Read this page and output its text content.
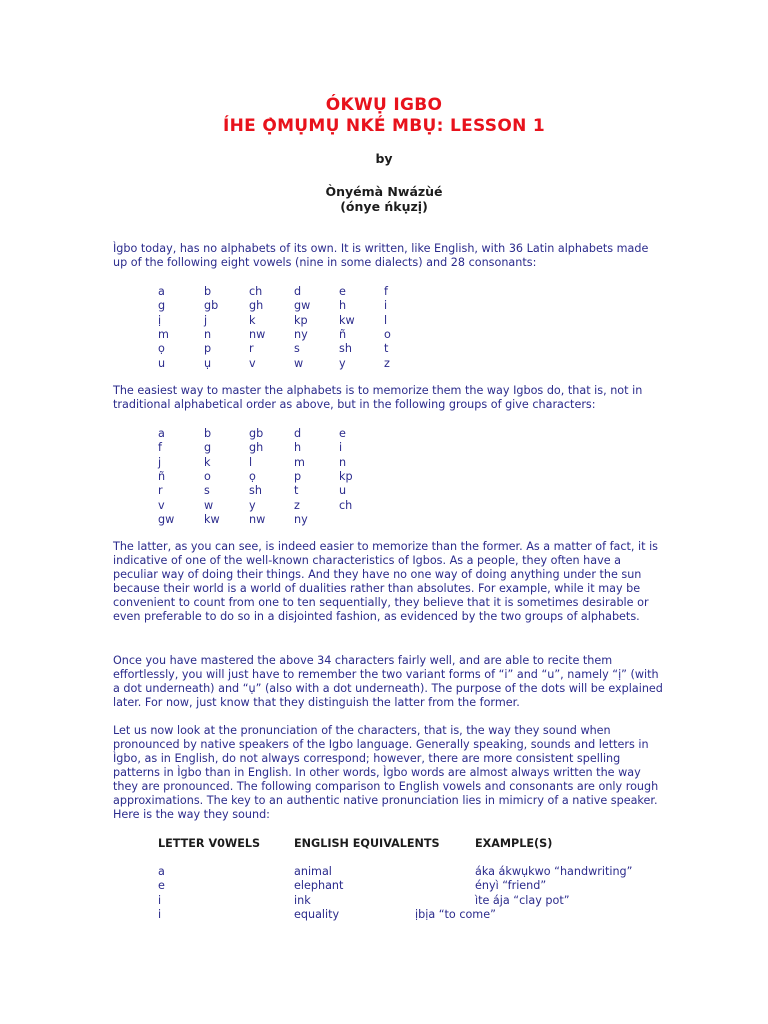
ÓKWỤ IGBO
ÍHE Ọ̀MỤMỤ NKÉ MBỤ: LESSON 1
by
Ònyémà Nwázùé
(ónye ńkụzị)

Ìgbo today, has no alphabets of its own. It is written, like English, with 36 Latin alphabets made up of the following eight vowels (nine in some dialects) and 28 consonants:

a	b	ch	d	e	f
g	gb	gh	gw	h	i
ị	j	k	kp	kw	l
m	n	nw	ny	ñ	o
ọ	p	r	s	sh	t
u	ụ	v	w	y	z

The easiest way to master the alphabets is to memorize them the way Igbos do, that is, not in traditional alphabetical order as above, but in the following groups of give characters:

a	b	gb	d	e
f	g	gh	h	i
j	k	l	m	n
ñ	o	ọ	p	kp
r	s	sh	t	u
v	w	y	z	ch
gw	kw	nw	ny

The latter, as you can see, is indeed easier to memorize than the former. As a matter of fact, it is indicative of one of the well-known characteristics of Igbos. As a people, they often have a peculiar way of doing their things. And they have no one way of doing anything under the sun because their world is a world of dualities rather than absolutes. For example, while it may be convenient to count from one to ten sequentially, they believe that it is sometimes desirable or even preferable to do so in a disjointed fashion, as evidenced by the two groups of alphabets.

Once you have mastered the above 34 characters fairly well, and are able to recite them effortlessly, you will just have to remember the two variant forms of “i” and “u”, namely “ị” (with a dot underneath) and “ụ” (also with a dot underneath). The purpose of the dots will be explained later. For now, just know that they distinguish the latter from the former.

Let us now look at the pronunciation of the characters, that is, the way they sound when pronounced by native speakers of the Igbo language. Generally speaking, sounds and letters in Ìgbo, as in English, do not always correspond; however, there are more consistent spelling patterns in Ìgbo than in English. In other words, Ìgbo words are almost always written the way they are pronounced. The following comparison to English vowels and consonants are only rough approximations. The key to an authentic native pronunciation lies in mimicry of a native speaker. Here is the way they sound:

LETTER V0WELS	ENGLISH EQUIVALENTS	EXAMPLE(S)
a	animal	áka ákwụkwo “handwriting”
e	elephant	ényì “friend”
i	ink	ìte ája “clay pot”
i	equality	ịbịa “to come”
